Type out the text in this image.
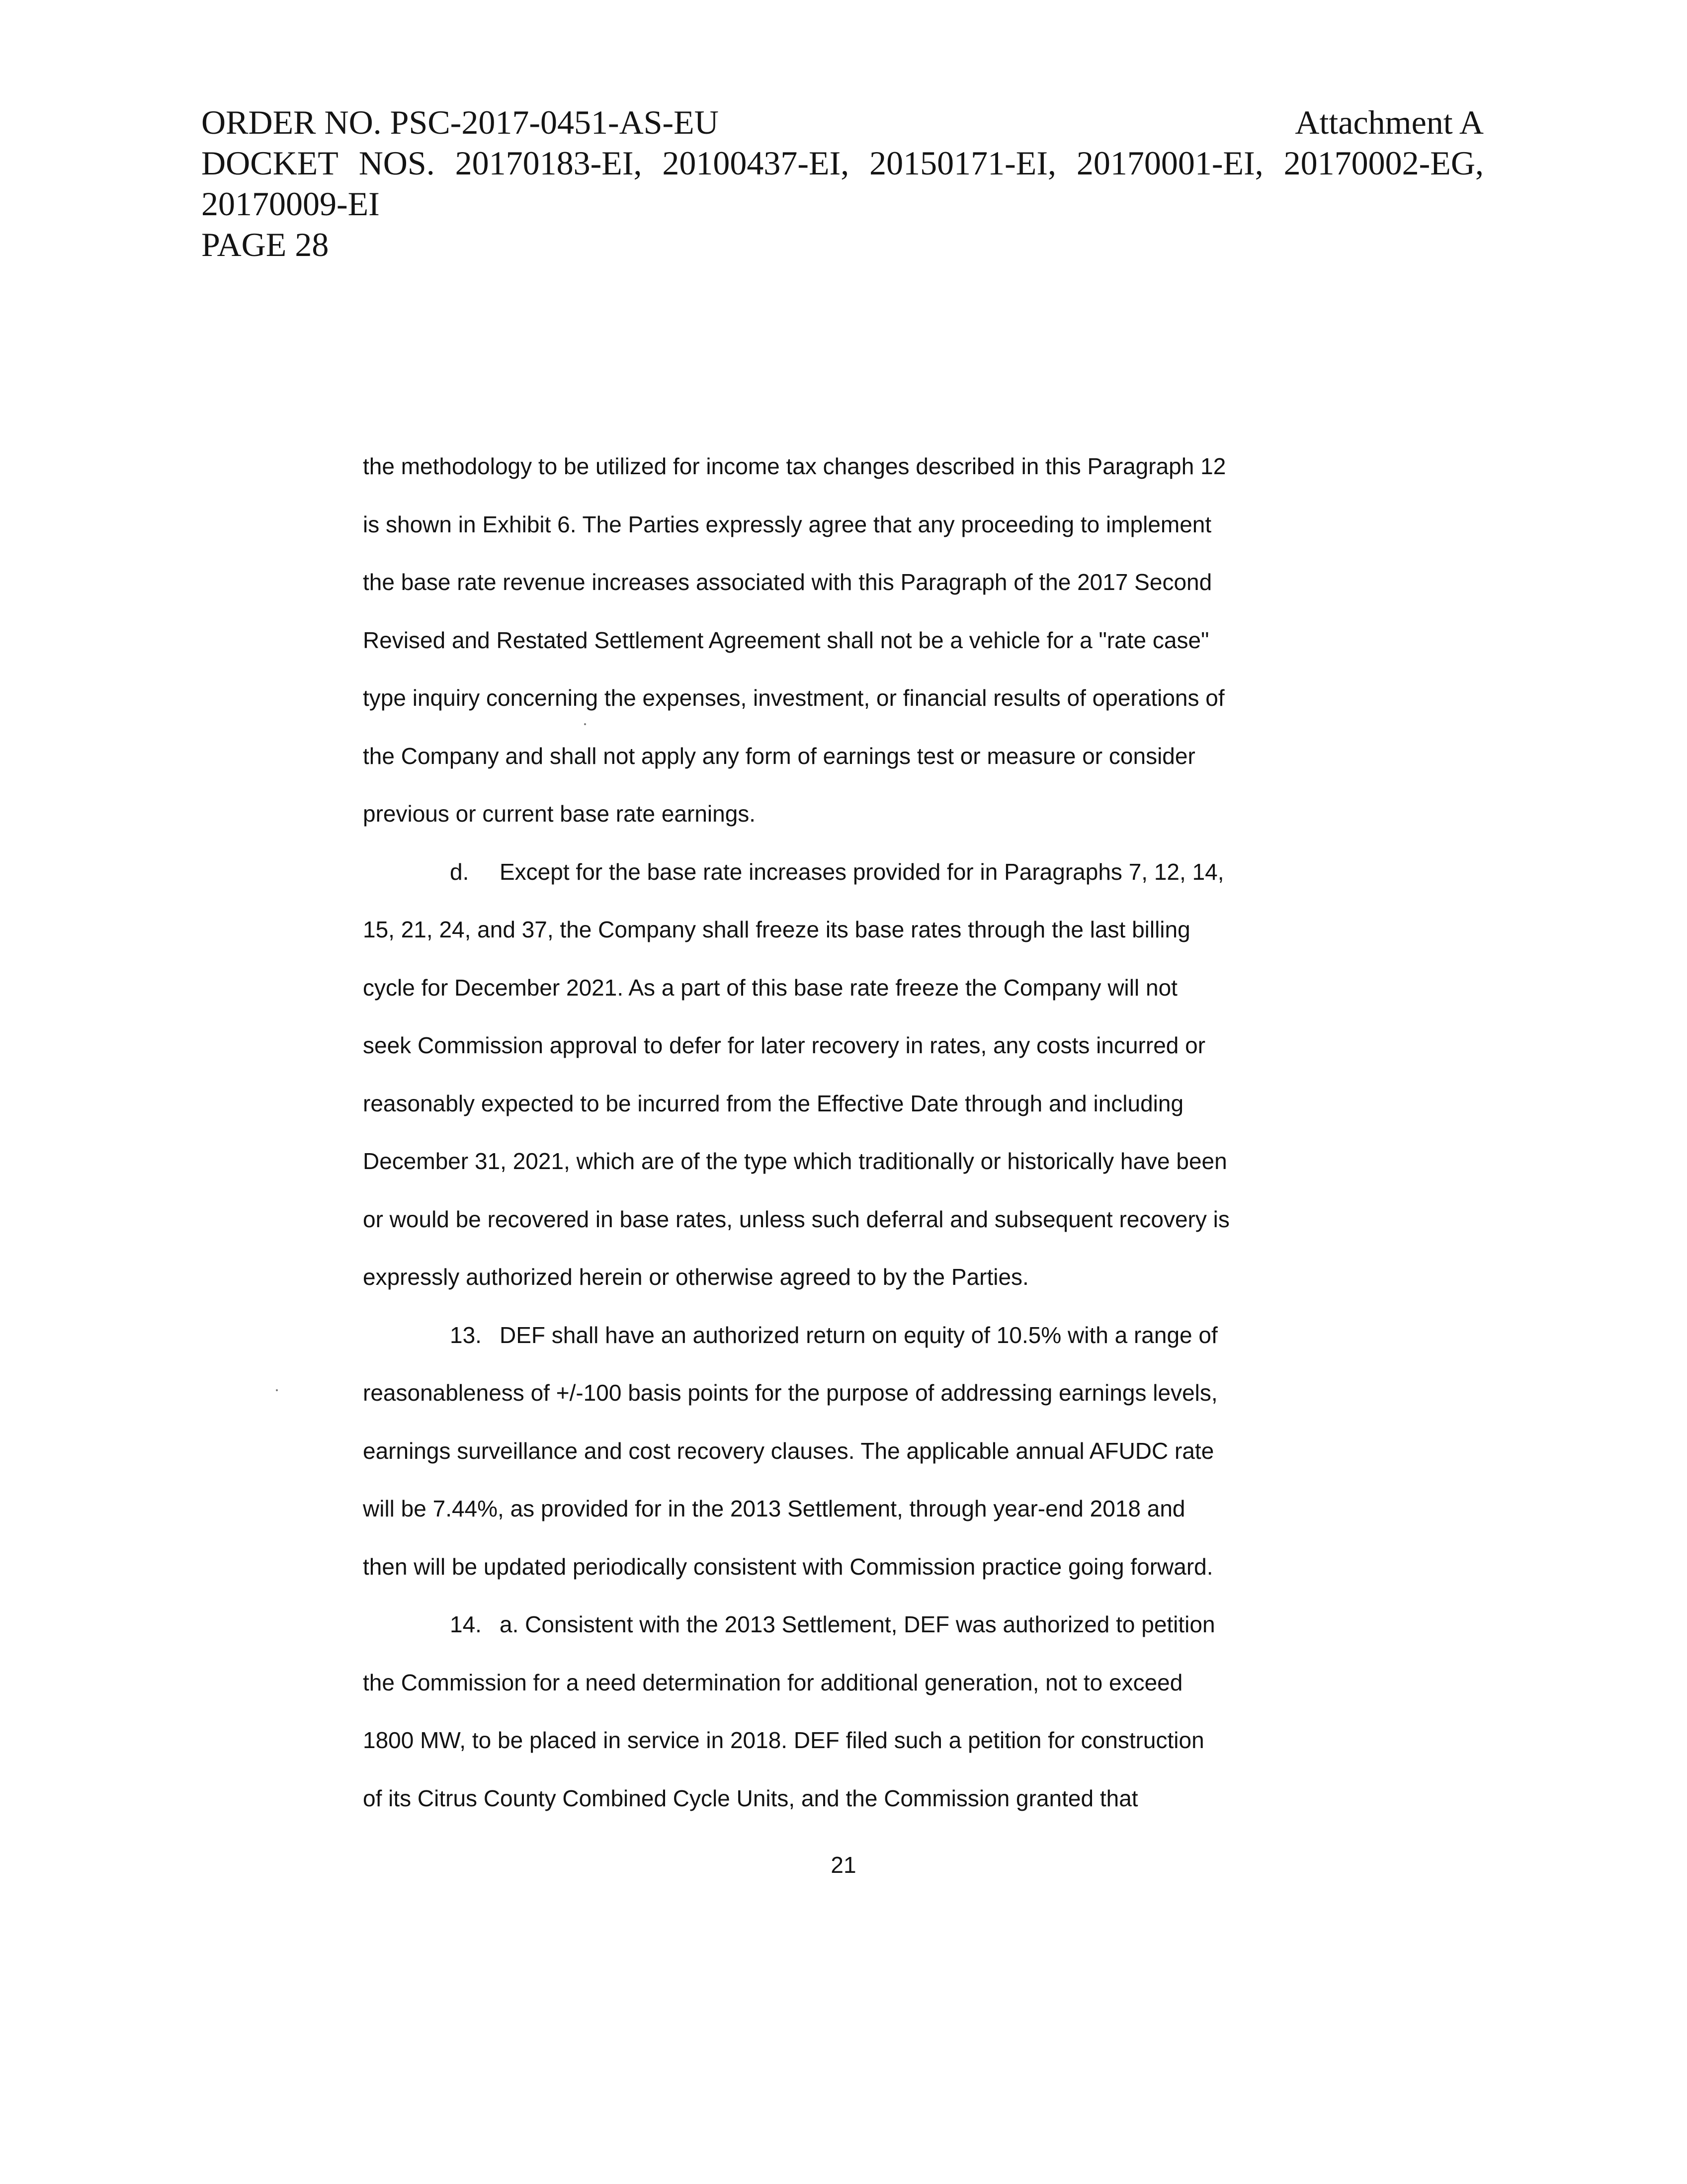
ORDER NO. PSC-2017-0451-AS-EU	Attachment A
DOCKET NOS. 20170183-EI, 20100437-EI, 20150171-EI, 20170001-EI, 20170002-EG,
20170009-EI
PAGE 28
the methodology to be utilized for income tax changes described in this Paragraph 12
is shown in Exhibit 6. The Parties expressly agree that any proceeding to implement
the base rate revenue increases associated with this Paragraph of the 2017 Second
Revised and Restated Settlement Agreement shall not be a vehicle for a "rate case"
type inquiry concerning the expenses, investment, or financial results of operations of
the Company and shall not apply any form of earnings test or measure or consider
previous or current base rate earnings.
d. Except for the base rate increases provided for in Paragraphs 7, 12, 14,
15, 21, 24, and 37, the Company shall freeze its base rates through the last billing
cycle for December 2021. As a part of this base rate freeze the Company will not
seek Commission approval to defer for later recovery in rates, any costs incurred or
reasonably expected to be incurred from the Effective Date through and including
December 31, 2021, which are of the type which traditionally or historically have been
or would be recovered in base rates, unless such deferral and subsequent recovery is
expressly authorized herein or otherwise agreed to by the Parties.
13. DEF shall have an authorized return on equity of 10.5% with a range of
reasonableness of +/-100 basis points for the purpose of addressing earnings levels,
earnings surveillance and cost recovery clauses. The applicable annual AFUDC rate
will be 7.44%, as provided for in the 2013 Settlement, through year-end 2018 and
then will be updated periodically consistent with Commission practice going forward.
14. a. Consistent with the 2013 Settlement, DEF was authorized to petition
the Commission for a need determination for additional generation, not to exceed
1800 MW, to be placed in service in 2018. DEF filed such a petition for construction
of its Citrus County Combined Cycle Units, and the Commission granted that
21
